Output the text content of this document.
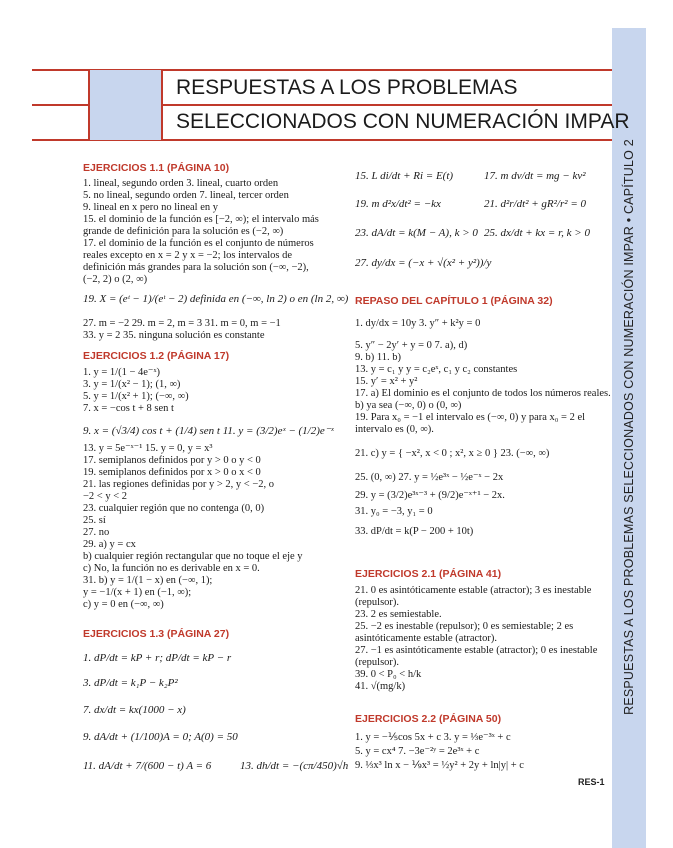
RESPUESTAS A LOS PROBLEMAS SELECCIONADOS CON NUMERACIÓN IMPAR • CAPÍTULO 2
RESPUESTAS A LOS PROBLEMAS
SELECCIONADOS CON NUMERACIÓN IMPAR
EJERCICIOS 1.1 (PÁGINA 10)
1. lineal, segundo orden 3. lineal, cuarto orden
5. no lineal, segundo orden 7. lineal, tercer orden
9. lineal en x pero no lineal en y
15. el dominio de la función es [−2, ∞); el intervalo más
grande de definición para la solución es (−2, ∞)
17. el dominio de la función es el conjunto de números
reales excepto en x = 2 y x = −2; los intervalos de
definición más grandes para la solución son (−∞, −2),
(−2, 2) o (2, ∞)
27. m = −2 29. m = 2, m = 3 31. m = 0, m = −1
33. y = 2 35. ninguna solución es constante
1. y = 1/(1 − 4e⁻ˣ)
3. y = 1/(x² − 1); (1, ∞)
5. y = 1/(x² + 1); (−∞, ∞)
7. x = −cos t + 8 sen t
13. y = 5e⁻ˣ⁻¹ 15. y = 0, y = x³
17. semiplanos definidos por y > 0 o y < 0
19. semiplanos definidos por x > 0 o x < 0
21. las regiones definidas por y > 2, y < −2, o
−2 < y < 2
23. cualquier región que no contenga (0, 0)
25. sí
27. no
29. a) y = cx
b) cualquier región rectangular que no toque el eje y
c) No, la función no es derivable en x = 0.
31. b) y = 1/(1 − x) en (−∞, 1);
y = −1/(x + 1) en (−1, ∞);
c) y = 0 en (−∞, ∞)
EJERCICIOS 1.2 (PÁGINA 17)
EJERCICIOS 1.3 (PÁGINA 27)
19. X = (eᵗ − 1)/(eᵗ − 2) definida en (−∞, ln 2) o en (ln 2, ∞)
9. x = (√3/4) cos t + (1/4) sen t 11. y = (3/2)eˣ − (1/2)e⁻ˣ
1. dP/dt = kP + r; dP/dt = kP − r
3. dP/dt = k₁P − k₂P²
7. dx/dt = kx(1000 − x)
9. dA/dt + (1/100)A = 0; A(0) = 50
11. dA/dt + 7/(600 − t) A = 6	13. dh/dt = −(cπ/450)√h
15. L di/dt + Ri = E(t)	17. m dv/dt = mg − kv²
19. m d²x/dt² = −kx	21. d²r/dt² + gR²/r² = 0
23. dA/dt = k(M − A), k > 0 25. dx/dt + kx = r, k > 0
27. dy/dx = (−x + √(x² + y²))/y
REPASO DEL CAPÍTULO 1 (PÁGINA 32)
1. dy/dx = 10y 3. y″ + k²y = 0
5. y″ − 2y′ + y = 0 7. a), d)
9. b) 11. b)
13. y = c₁ y y = c₂eˣ, c₁ y c₂ constantes
15. y′ = x² + y²
17. a) El dominio es el conjunto de todos los números reales.
b) ya sea (−∞, 0) o (0, ∞)
19. Para x₀ = −1 el intervalo es (−∞, 0) y para x₀ = 2 el
intervalo es (0, ∞).
21. c) y = { −x², x < 0 ; x², x ≥ 0 } 23. (−∞, ∞)
25. (0, ∞) 27. y = ½e³ˣ − ½e⁻ˣ − 2x
29. y = (3/2)e³ˣ⁻³ + (9/2)e⁻ˣ⁺¹ − 2x.
31. y₀ = −3, y₁ = 0
33. dP/dt = k(P − 200 + 10t)
EJERCICIOS 2.1 (PÁGINA 41)
21. 0 es asintóticamente estable (atractor); 3 es inestable
(repulsor).
23. 2 es semiestable.
25. −2 es inestable (repulsor); 0 es semiestable; 2 es
asintóticamente estable (atractor).
27. −1 es asintóticamente estable (atractor); 0 es inestable
(repulsor).
39. 0 < P₀ < h/k
41. √(mg/k)
EJERCICIOS 2.2 (PÁGINA 50)
1. y = −⅕cos 5x + c 3. y = ⅓e⁻³ˣ + c
5. y = cx⁴ 7. −3e⁻²ʸ = 2e³ˣ + c
9. ⅓x³ ln x − ⅑x³ = ½y² + 2y + ln|y| + c
RES-1
